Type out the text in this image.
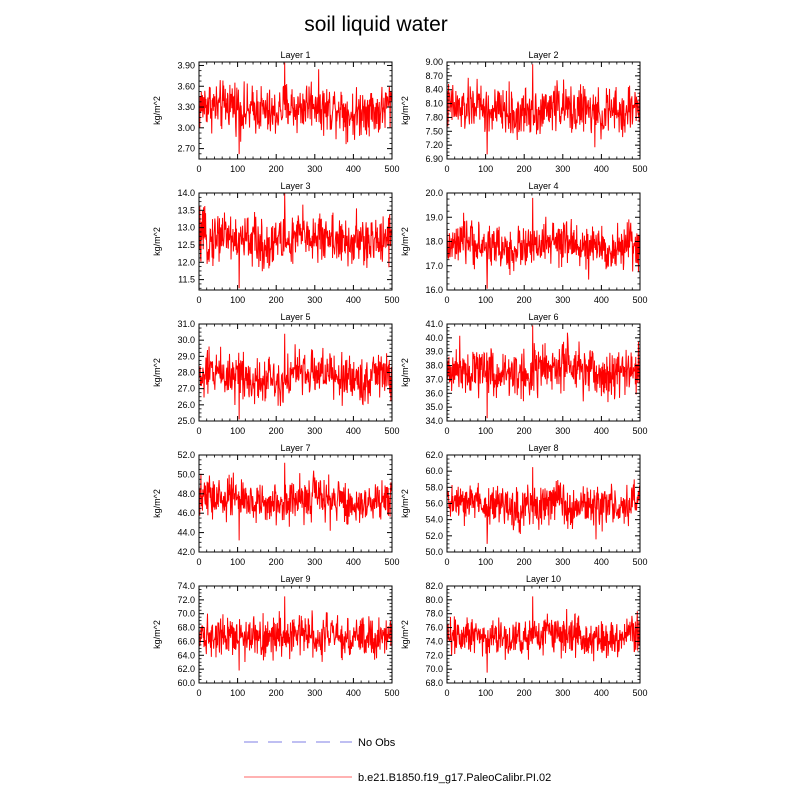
soil liquid water
Layer 1
kg/m^2
0	100	200	300	400	500
2.70
3.00
3.30
3.60
3.90
Layer 2
kg/m^2
0	100	200	300	400	500
6.90
7.20
7.50
7.80
8.10
8.40
8.70
9.00
Layer 3
kg/m^2
0	100	200	300	400	500
11.5
12.0
12.5
13.0
13.5
14.0
Layer 4
kg/m^2
0	100	200	300	400	500
16.0
17.0
18.0
19.0
20.0
Layer 5
kg/m^2
0	100	200	300	400	500
25.0
26.0
27.0
28.0
29.0
30.0
31.0
Layer 6
kg/m^2
0	100	200	300	400	500
34.0
35.0
36.0
37.0
38.0
39.0
40.0
41.0
Layer 7
kg/m^2
0	100	200	300	400	500
42.0
44.0
46.0
48.0
50.0
52.0
Layer 8
kg/m^2
0	100	200	300	400	500
50.0
52.0
54.0
56.0
58.0
60.0
62.0
Layer 9
kg/m^2
0	100	200	300	400	500
60.0
62.0
64.0
66.0
68.0
70.0
72.0
74.0
Layer 10
kg/m^2
0	100	200	300	400	500
68.0
70.0
72.0
74.0
76.0
78.0
80.0
82.0
No Obs
b.e21.B1850.f19_g17.PaleoCalibr.PI.02
